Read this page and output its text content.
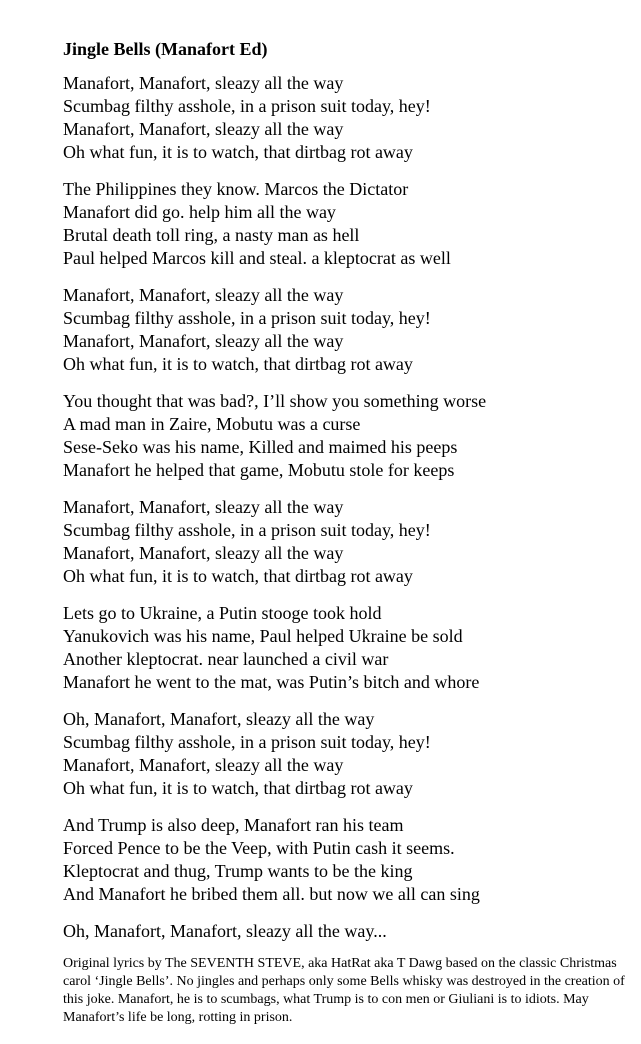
Jingle Bells (Manafort Ed)
Manafort, Manafort, sleazy all the way
Scumbag filthy asshole, in a prison suit today, hey!
Manafort, Manafort, sleazy all the way
Oh what fun, it is to watch, that dirtbag rot away
The Philippines they know. Marcos the Dictator
Manafort did go. help him all the way
Brutal death toll ring, a nasty man as hell
Paul helped Marcos kill and steal. a kleptocrat as well
Manafort, Manafort, sleazy all the way
Scumbag filthy asshole, in a prison suit today, hey!
Manafort, Manafort, sleazy all the way
Oh what fun, it is to watch, that dirtbag rot away
You thought that was bad?, I’ll show you something worse
A mad man in Zaire, Mobutu was a curse
Sese-Seko was his name, Killed and maimed his peeps
Manafort he helped that game, Mobutu stole for keeps
Manafort, Manafort, sleazy all the way
Scumbag filthy asshole, in a prison suit today, hey!
Manafort, Manafort, sleazy all the way
Oh what fun, it is to watch, that dirtbag rot away
Lets go to Ukraine, a Putin stooge took hold
Yanukovich was his name, Paul helped Ukraine be sold
Another kleptocrat. near launched a civil war
Manafort he went to the mat, was Putin’s bitch and whore
Oh, Manafort, Manafort, sleazy all the way
Scumbag filthy asshole, in a prison suit today, hey!
Manafort, Manafort, sleazy all the way
Oh what fun, it is to watch, that dirtbag rot away
And Trump is also deep, Manafort ran his team
Forced Pence to be the Veep, with Putin cash it seems.
Kleptocrat and thug, Trump wants to be the king
And Manafort he bribed them all. but now we all can sing
Oh, Manafort, Manafort, sleazy all the way...
Original lyrics by The SEVENTH STEVE, aka HatRat aka T Dawg based on the classic Christmas carol ‘Jingle Bells’. No jingles and perhaps only some Bells whisky was destroyed in the creation of this joke. Manafort, he is to scumbags, what Trump is to con men or Giuliani is to idiots. May Manafort’s life be long, rotting in prison.
